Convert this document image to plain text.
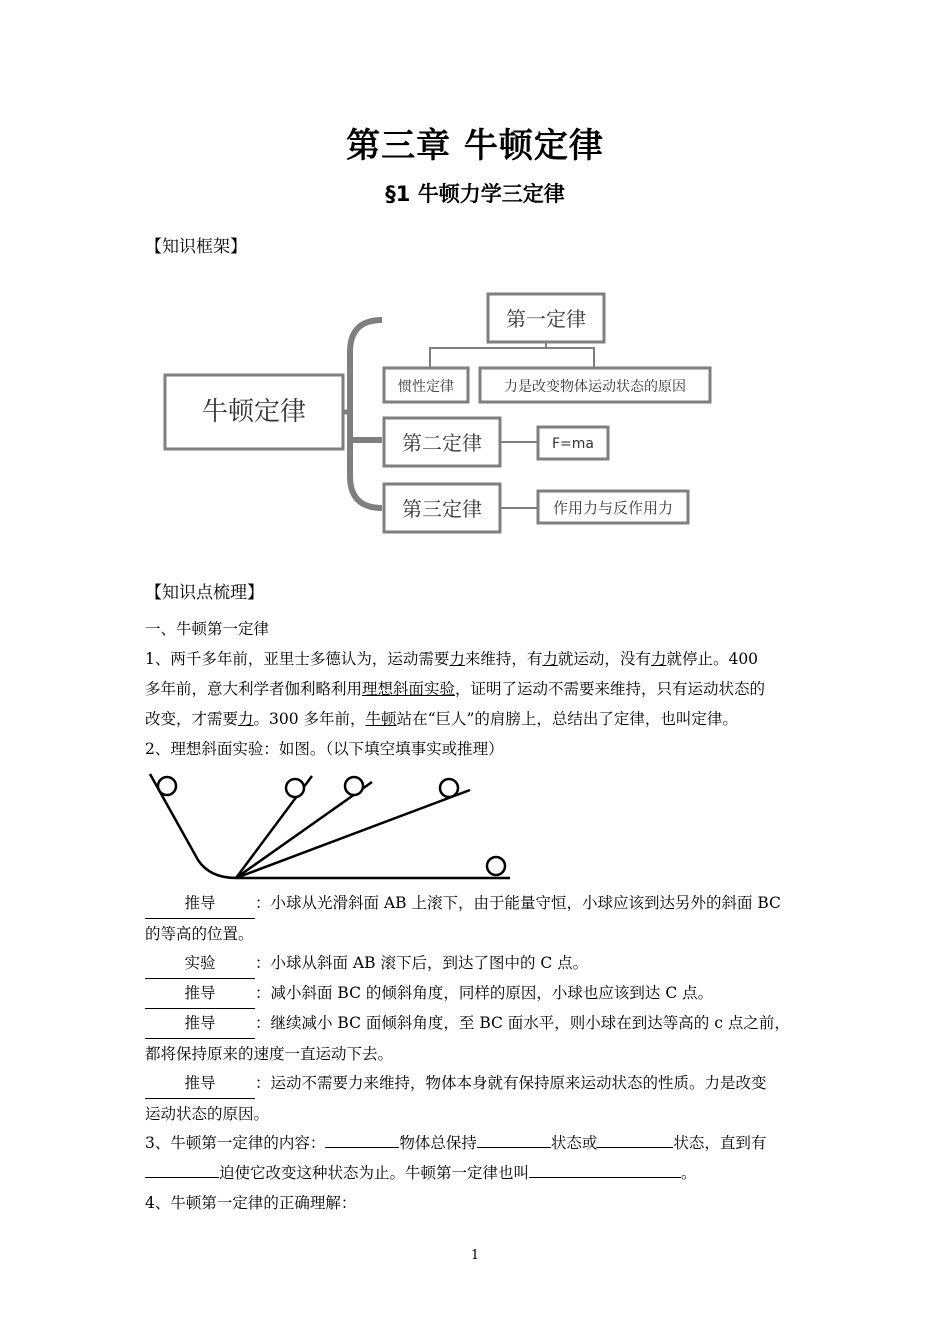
第三章 牛顿定律
§1 牛顿力学三定律
【知识框架】
牛顿定律
第一定律
惯性定律	力是改变物体运动状态的原因
第二定律	F=ma
第三定律	作用力与反作用力
【知识点梳理】
一、牛顿第一定律
1、两千多年前，亚里士多德认为，运动需要力来维持，有力就运动，没有力就停止。400
多年前，意大利学者伽利略利用理想斜面实验，证明了运动不需要来维持，只有运动状态的
改变，才需要力。300 多年前，牛顿站在“巨人”的肩膀上，总结出了定律，也叫定律。
2、理想斜面实验：如图。（以下填空填事实或推理）
推导	：小球从光滑斜面 AB 上滚下，由于能量守恒，小球应该到达另外的斜面 BC
的等高的位置。
实验	：小球从斜面 AB 滚下后，到达了图中的 C 点。
推导	：减小斜面 BC 的倾斜角度，同样的原因，小球也应该到达 C 点。
推导	：继续减小 BC 面倾斜角度，至 BC 面水平，则小球在到达等高的 c 点之前，
都将保持原来的速度一直运动下去。
推导	：运动不需要力来维持，物体本身就有保持原来运动状态的性质。力是改变
运动状态的原因。
3、牛顿第一定律的内容：	物体总保持	状态或	状态，直到有
迫使它改变这种状态为止。牛顿第一定律也叫	。
4、牛顿第一定律的正确理解：
1
